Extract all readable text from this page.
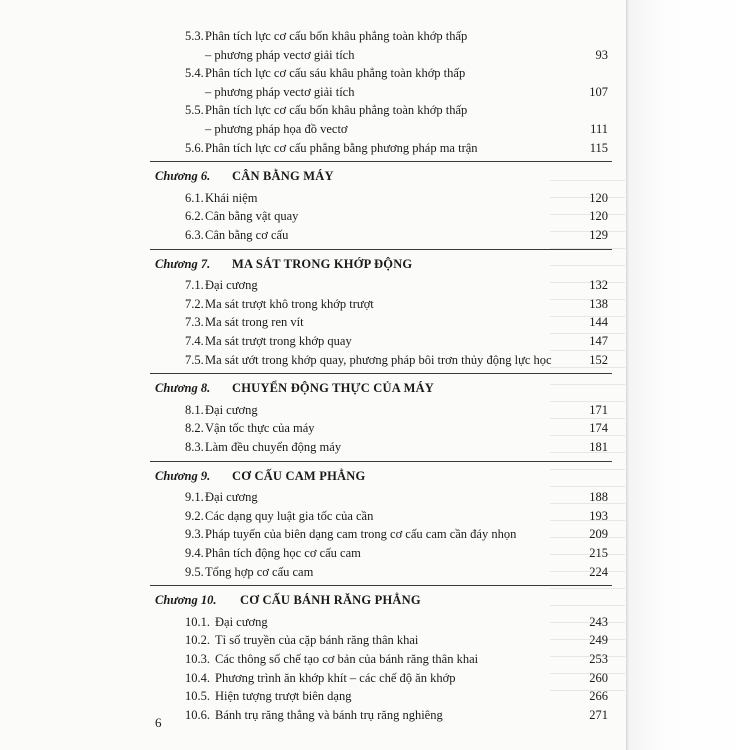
5.3. Phân tích lực cơ cấu bốn khâu phẳng toàn khớp thấp
– phương pháp vectơ giải tích	93
5.4. Phân tích lực cơ cấu sáu khâu phẳng toàn khớp thấp
– phương pháp vectơ giải tích	107
5.5. Phân tích lực cơ cấu bốn khâu phẳng toàn khớp thấp
– phương pháp họa đồ vectơ	111
5.6. Phân tích lực cơ cấu phẳng bằng phương pháp ma trận	115
Chương 6. CÂN BẰNG MÁY
6.1. Khái niệm	120
6.2. Cân bằng vật quay	120
6.3. Cân bằng cơ cấu	129
Chương 7. MA SÁT TRONG KHỚP ĐỘNG
7.1. Đại cương	132
7.2. Ma sát trượt khô trong khớp trượt	138
7.3. Ma sát trong ren vít	144
7.4. Ma sát trượt trong khớp quay	147
7.5. Ma sát ướt trong khớp quay, phương pháp bôi trơn thủy động lực học	152
Chương 8. CHUYỂN ĐỘNG THỰC CỦA MÁY
8.1. Đại cương	171
8.2. Vận tốc thực của máy	174
8.3. Làm đều chuyển động máy	181
Chương 9. CƠ CẤU CAM PHẲNG
9.1. Đại cương	188
9.2. Các dạng quy luật gia tốc của cần	193
9.3. Pháp tuyến của biên dạng cam trong cơ cấu cam cần đáy nhọn	209
9.4. Phân tích động học cơ cấu cam	215
9.5. Tổng hợp cơ cấu cam	224
Chương 10. CƠ CẤU BÁNH RĂNG PHẲNG
10.1. Đại cương	243
10.2. Tỉ số truyền của cặp bánh răng thân khai	249
10.3. Các thông số chế tạo cơ bản của bánh răng thân khai	253
10.4. Phương trình ăn khớp khít – các chế độ ăn khớp	260
10.5. Hiện tượng trượt biên dạng	266
10.6. Bánh trụ răng thẳng và bánh trụ răng nghiêng	271
6
